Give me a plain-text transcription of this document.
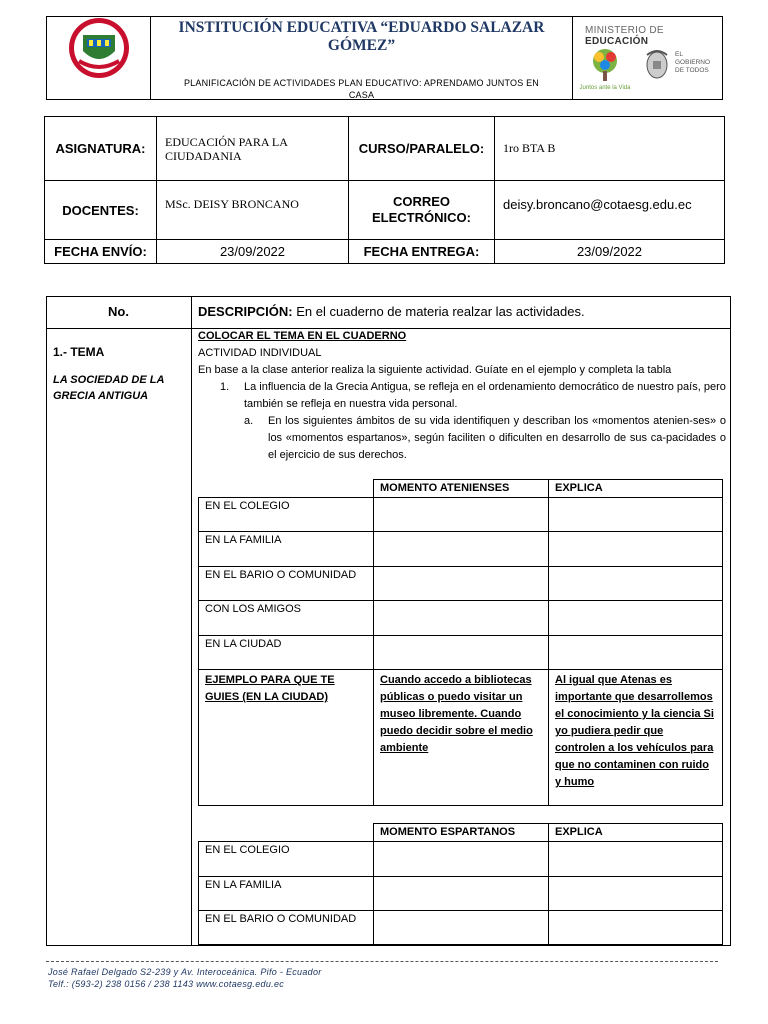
INSTITUCIÓN EDUCATIVA “EDUARDO SALAZAR GÓMEZ”
PLANIFICACIÓN DE ACTIVIDADES PLAN EDUCATIVO: APRENDAMO JUNTOS EN CASA
MINISTERIO DE EDUCACIÓN
Juntos ante la Vida
EL GOBIERNO DE TODOS
ASIGNATURA:	EDUCACIÓN PARA LA CIUDADANIA	CURSO/PARALELO:	1ro BTA B
DOCENTES:	MSc. DEISY BRONCANO	CORREO ELECTRÓNICO:	deisy.broncano@cotaesg.edu.ec
FECHA ENVÍO:	23/09/2022	FECHA ENTREGA:	23/09/2022
No.	DESCRIPCIÓN: En el cuaderno de materia realzar las actividades.
1.- TEMA
LA SOCIEDAD DE LA GRECIA ANTIGUA
COLOCAR EL TEMA EN EL CUADERNO
ACTIVIDAD INDIVIDUAL
En base a la clase anterior realiza la siguiente actividad. Guíate en el ejemplo y completa la tabla
1.	La influencia de la Grecia Antigua, se refleja en el ordenamiento democrático de nuestro país, pero también se refleja en nuestra vida personal.
a.	En los siguientes ámbitos de su vida identifiquen y describan los «momentos atenien-ses» o los «momentos espartanos», según faciliten o dificulten en desarrollo de sus ca-pacidades o el ejercicio de sus derechos.
	MOMENTO ATENIENSES	EXPLICA
EN EL COLEGIO		
EN LA FAMILIA		
EN EL BARIO O COMUNIDAD		
CON LOS AMIGOS		
EN LA CIUDAD		
EJEMPLO PARA QUE TE GUIES (EN LA CIUDAD)	Cuando accedo a bibliotecas públicas o puedo visitar un museo libremente. Cuando puedo decidir sobre el medio ambiente	Al igual que Atenas es importante que desarrollemos el conocimiento y la ciencia Si yo pudiera pedir que controlen a los vehículos para que no contaminen con ruido y humo
	MOMENTO ESPARTANOS	EXPLICA
EN EL COLEGIO		
EN LA FAMILIA		
EN EL BARIO O COMUNIDAD		
José Rafael Delgado S2-239 y Av. Interoceánica. Pifo - Ecuador
Telf.: (593-2) 238 0156 / 238 1143 www.cotaesg.edu.ec
